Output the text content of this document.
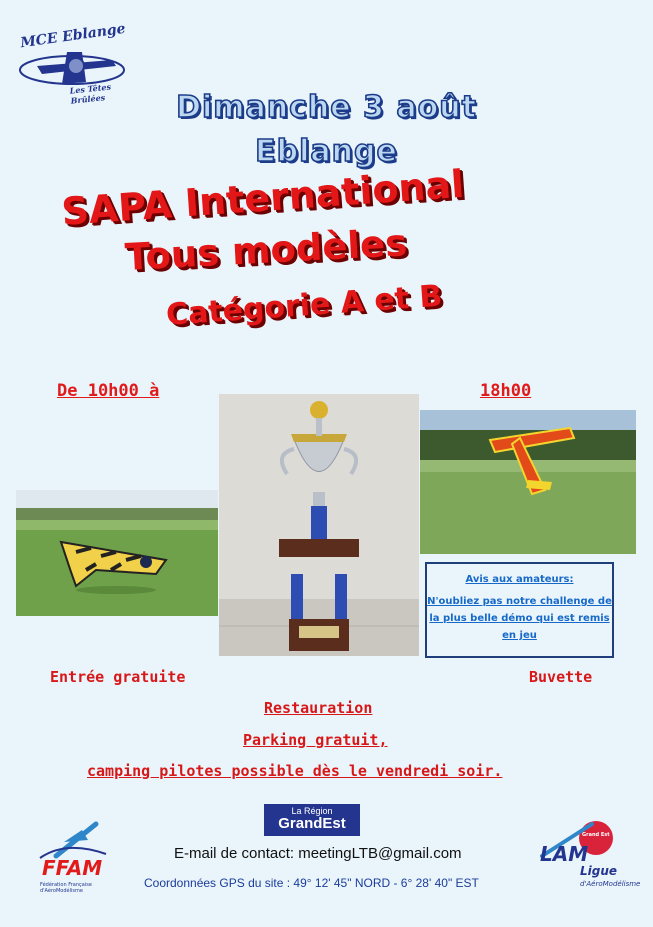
MCE Eblange
Les Têtes Brûlées	Dimanche 3 août
Eblange
SAPA International
Tous modèles
Catégorie A et B
De 10h00 à	18h00
Avis aux amateurs:
N'oubliez pas notre challenge de
la plus belle démo qui est remis
en jeu
Entrée gratuite	Buvette
Restauration
Parking gratuit,
camping pilotes possible dès le vendredi soir.
La Région
GrandEst
E-mail de contact: meetingLTB@gmail.com
Coordonnées GPS du site : 49° 12' 45" NORD - 6° 28' 40" EST
FFAM
Fédération Française d'AéroModélisme
Grand Est
LAM
Ligue
d'AéroModélisme
